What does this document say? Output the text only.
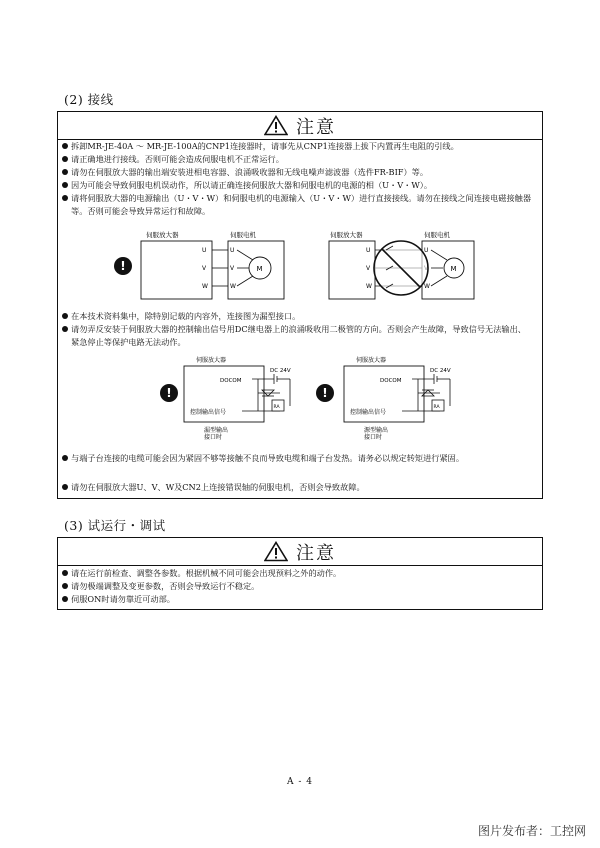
(2) 接线
注意
拆卸MR-JE-40A ～ MR-JE-100A的CNP1连接器时，请事先从CNP1连接器上拔下内置再生电阻的引线。
请正确地进行接线。否则可能会造成伺服电机不正常运行。
请勿在伺服放大器的输出端安装进相电容器、浪涌吸收器和无线电噪声滤波器（选件FR-BIF）等。
因为可能会导致伺服电机误动作，所以请正确连接伺服放大器和伺服电机的电源的相（U・V・W）。
请将伺服放大器的电源输出（U・V・W）和伺服电机的电源输入（U・V・W）进行直接接线。请勿在接线之间连接电磁接触器等。否则可能会导致异常运行和故障。
!
伺服放大器	伺服电机
U
V
W
U
V
W
M
伺服放大器	伺服电机
U
V
W
U
W
M
在本技术资料集中，除特别记载的内容外，连接图为漏型接口。
请勿弄反安装于伺服放大器的控制输出信号用DC继电器上的浪涌吸收用二极管的方向。否则会产生故障，导致信号无法输出、紧急停止等保护电路无法动作。
!
伺服放大器
DOCOM
控制输出信号
DC 24V
RA
漏型输出接口时
!
伺服放大器
DOCOM
控制输出信号
DC 24V
RA
源型输出接口时
与端子台连接的电缆可能会因为紧固不够等接触不良而导致电缆和端子台发热。请务必以规定转矩进行紧固。
请勿在伺服放大器U、V、W及CN2上连接错误轴的伺服电机，否则会导致故障。
(3) 试运行・调试
注意
请在运行前检查、调整各参数。根据机械不同可能会出现预料之外的动作。
请勿极端调整及变更参数，否则会导致运行不稳定。
伺服ON时请勿靠近可动部。
A - 4
图片发布者：工控网
